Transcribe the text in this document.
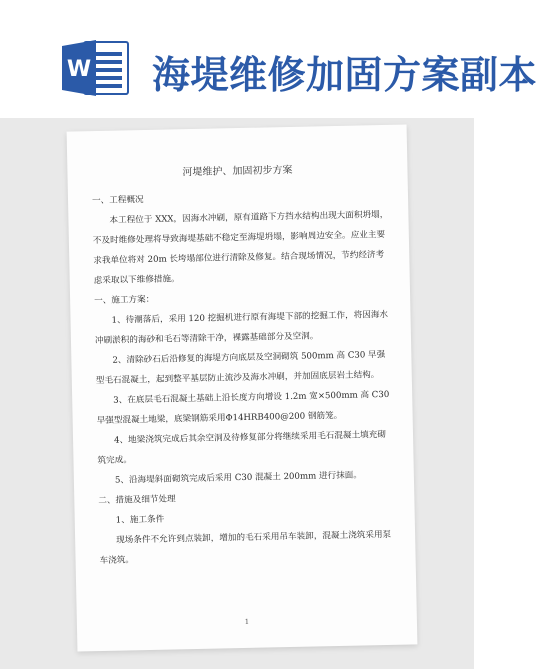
W 海堤维修加固方案副本
河堤维护、加固初步方案

一、工程概况

本工程位于 XXX，因海水冲刷，原有道路下方挡水结构出现大面积坍塌，不及时维修处理将导致海堤基础不稳定至海堤坍塌，影响周边安全。应业主要求我单位将对 20m 长垮塌部位进行清除及修复。结合现场情况，节约经济考虑采取以下维修措施。

一、施工方案：

1、待潮落后，采用 120 挖掘机进行原有海堤下部的挖掘工作，将因海水冲刷淤积的海砂和毛石等清除干净，裸露基础部分及空洞。

2、清除砂石后沿修复的海堤方向底层及空洞砌筑 500mm 高 C30 早强型毛石混凝土，起到整平基层防止流沙及海水冲刷，并加固底层岩土结构。

3、在底层毛石混凝土基础上沿长度方向增设 1.2m 宽×500mm 高 C30 早强型混凝土地梁，底梁钢筋采用Φ14HRB400@200 钢筋笼。

4、地梁浇筑完成后其余空洞及待修复部分将继续采用毛石混凝土填充砌筑完成。

5、沿海堤斜面砌筑完成后采用 C30 混凝土 200mm 进行抹面。

二、措施及细节处理

1、施工条件

现场条件不允许到点装卸，增加的毛石采用吊车装卸，混凝土浇筑采用泵车浇筑。

1
